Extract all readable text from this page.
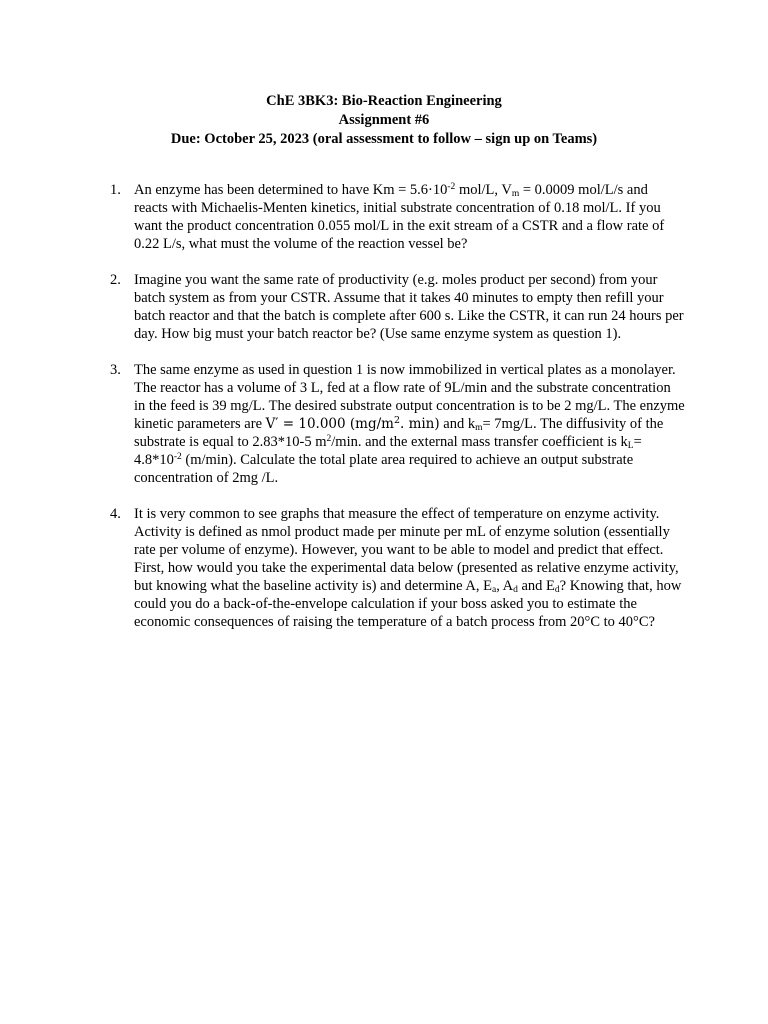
ChE 3BK3: Bio-Reaction Engineering
Assignment #6
Due: October 25, 2023 (oral assessment to follow – sign up on Teams)
1. An enzyme has been determined to have $Km = 5.6\cdot 10^{-2}$ mol/L, $V_m = 0.0009$ mol/L/s and reacts with Michaelis-Menten kinetics, initial substrate concentration of 0.18 mol/L. If you want the product concentration 0.055 mol/L in the exit stream of a CSTR and a flow rate of 0.22 L/s, what must the volume of the reaction vessel be?
2. Imagine you want the same rate of productivity (e.g. moles product per second) from your batch system as from your CSTR. Assume that it takes 40 minutes to empty then refill your batch reactor and that the batch is complete after 600 s. Like the CSTR, it can run 24 hours per day. How big must your batch reactor be? (Use same enzyme system as question 1).
3. The same enzyme as used in question 1 is now immobilized in vertical plates as a monolayer. The reactor has a volume of 3 L, fed at a flow rate of 9L/min and the substrate concentration in the feed is 39 mg/L. The desired substrate output concentration is to be 2 mg/L. The enzyme kinetic parameters are V′ = 10.000 ($mg/m^2$. min) and $k_m= 7mg/L$. The diffusivity of the substrate is equal to 2.83*10-5 $m^2/\min$. and the external mass transfer coefficient is $k_L= 4.8*10^{-2}$ (m/min). Calculate the total plate area required to achieve an output substrate concentration of 2mg /L.
4. It is very common to see graphs that measure the effect of temperature on enzyme activity. Activity is defined as nmol product made per minute per mL of enzyme solution (essentially rate per volume of enzyme). However, you want to be able to model and predict that effect. First, how would you take the experimental data below (presented as relative enzyme activity, but knowing what the baseline activity is) and determine A, $E_a$, $A_d$ and $E_d$? Knowing that, how could you do a back-of-the-envelope calculation if your boss asked you to estimate the economic consequences of raising the temperature of a batch process from 20°C to 40°C?
